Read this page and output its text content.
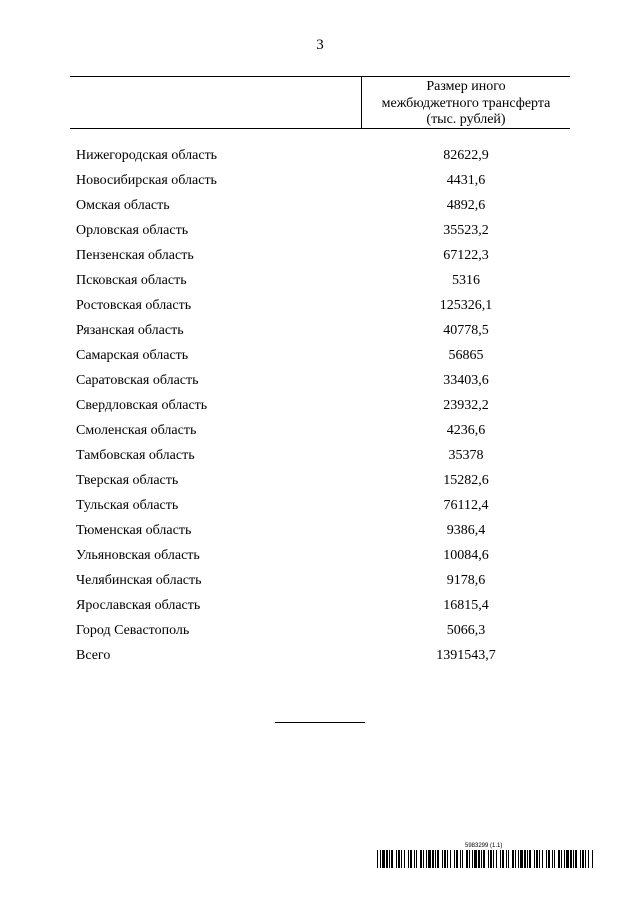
3
Размер иного
межбюджетного трансферта
(тыс. рублей)
Нижегородская область	82622,9
Новосибирская область	4431,6
Омская область	4892,6
Орловская область	35523,2
Пензенская область	67122,3
Псковская область	5316
Ростовская область	125326,1
Рязанская область	40778,5
Самарская область	56865
Саратовская область	33403,6
Свердловская область	23932,2
Смоленская область	4236,6
Тамбовская область	35378
Тверская область	15282,6
Тульская область	76112,4
Тюменская область	9386,4
Ульяновская область	10084,6
Челябинская область	9178,6
Ярославская область	16815,4
Город Севастополь	5066,3
Всего	1391543,7
5983299 (1.1)
